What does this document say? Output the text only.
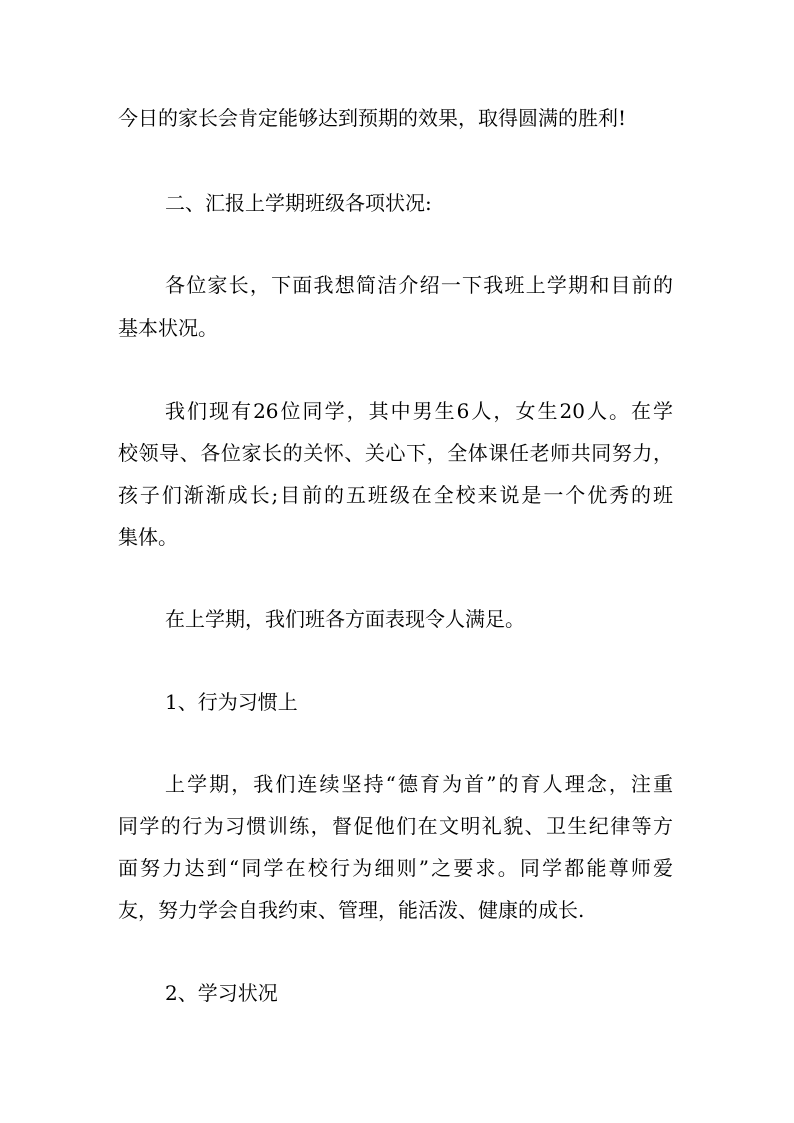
今日的家长会肯定能够达到预期的效果，取得圆满的胜利!

二、汇报上学期班级各项状况:

各位家长，下面我想简洁介绍一下我班上学期和目前的

基本状况。

我们现有26位同学，其中男生6人，女生20人。在学

校领导、各位家长的关怀、关心下，全体课任老师共同努力，

孩子们渐渐成长;目前的五班级在全校来说是一个优秀的班

集体。

在上学期，我们班各方面表现令人满足。

1、行为习惯上

上学期，我们连续坚持“德育为首”的育人理念，注重

同学的行为习惯训练，督促他们在文明礼貌、卫生纪律等方

面努力达到“同学在校行为细则”之要求。同学都能尊师爱

友，努力学会自我约束、管理，能活泼、健康的成长.

2、学习状况
